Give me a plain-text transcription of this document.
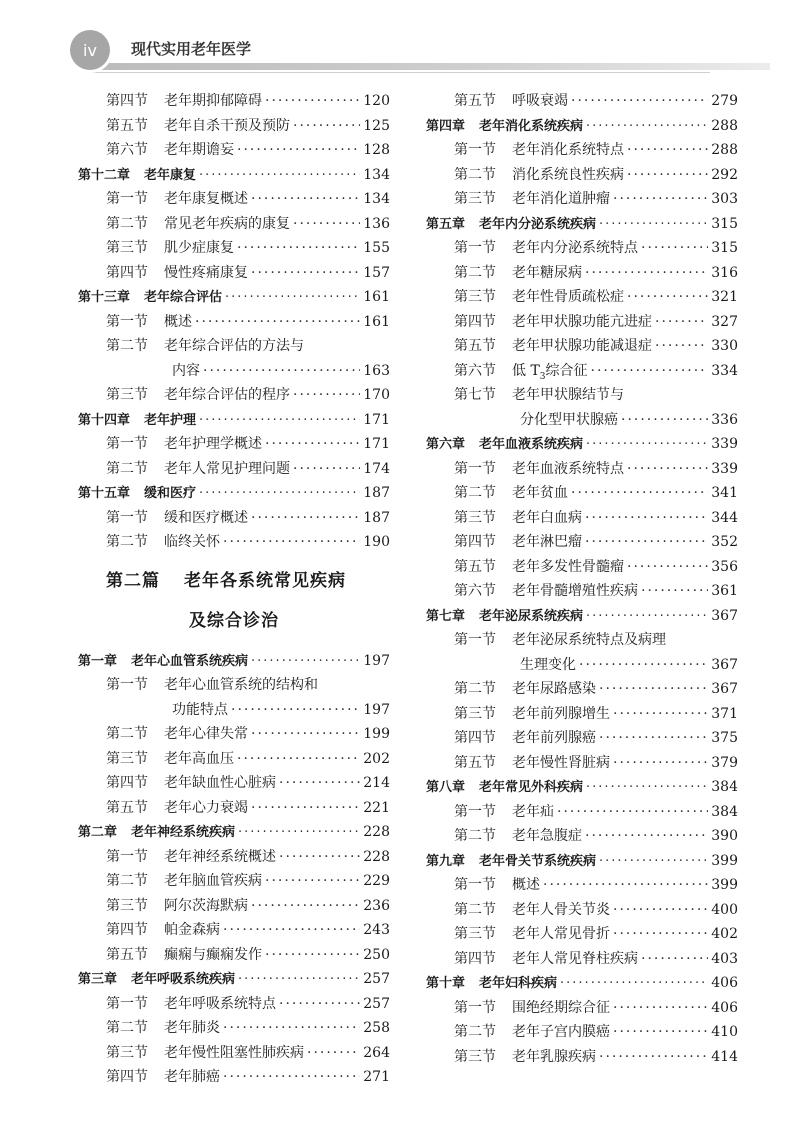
iv	现代实用老年医学
第四节 老年期抑郁障碍 ·····	120
第五节 老年自杀干预及预防 ·····	125
第六节 老年期谵妄 ·····	128
第十二章 老年康复 ·····	134
第一节 老年康复概述 ·····	134
第二节 常见老年疾病的康复 ·····	136
第三节 肌少症康复 ·····	155
第四节 慢性疼痛康复 ·····	157
第十三章 老年综合评估 ·····	161
第一节 概述 ·····	161
第二节 老年综合评估的方法与
内容 ·····	163
第三节 老年综合评估的程序 ·····	170
第十四章 老年护理 ·····	171
第一节 老年护理学概述 ·····	171
第二节 老年人常见护理问题 ·····	174
第十五章 缓和医疗 ·····	187
第一节 缓和医疗概述 ·····	187
第二节 临终关怀 ·····	190
第二篇 老年各系统常见疾病
及综合诊治
第一章 老年心血管系统疾病 ·····	197
第一节 老年心血管系统的结构和
功能特点 ·····	197
第二节 老年心律失常 ·····	199
第三节 老年高血压 ·····	202
第四节 老年缺血性心脏病 ·····	214
第五节 老年心力衰竭 ·····	221
第二章 老年神经系统疾病 ·····	228
第一节 老年神经系统概述 ·····	228
第二节 老年脑血管疾病 ·····	229
第三节 阿尔茨海默病 ·····	236
第四节 帕金森病 ·····	243
第五节 癫痫与癫痫发作 ·····	250
第三章 老年呼吸系统疾病 ·····	257
第一节 老年呼吸系统特点 ·····	257
第二节 老年肺炎 ·····	258
第三节 老年慢性阻塞性肺疾病 ·····	264
第四节 老年肺癌 ·····	271
第五节 呼吸衰竭 ·····	279
第四章 老年消化系统疾病 ·····	288
第一节 老年消化系统特点 ·····	288
第二节 消化系统良性疾病 ·····	292
第三节 老年消化道肿瘤 ·····	303
第五章 老年内分泌系统疾病 ·····	315
第一节 老年内分泌系统特点 ·····	315
第二节 老年糖尿病 ·····	316
第三节 老年性骨质疏松症 ·····	321
第四节 老年甲状腺功能亢进症 ·····	327
第五节 老年甲状腺功能减退症 ·····	330
第六节 低 $T_3$综合征 ·····	334
第七节 老年甲状腺结节与
分化型甲状腺癌 ·····	336
第六章 老年血液系统疾病 ·····	339
第一节 老年血液系统特点 ·····	339
第二节 老年贫血 ·····	341
第三节 老年白血病 ·····	344
第四节 老年淋巴瘤 ·····	352
第五节 老年多发性骨髓瘤 ·····	356
第六节 老年骨髓增殖性疾病 ·····	361
第七章 老年泌尿系统疾病 ·····	367
第一节 老年泌尿系统特点及病理
生理变化 ·····	367
第二节 老年尿路感染 ·····	367
第三节 老年前列腺增生 ·····	371
第四节 老年前列腺癌 ·····	375
第五节 老年慢性肾脏病 ·····	379
第八章 老年常见外科疾病 ·····	384
第一节 老年疝 ·····	384
第二节 老年急腹症 ·····	390
第九章 老年骨关节系统疾病 ·····	399
第一节 概述 ·····	399
第二节 老年人骨关节炎 ·····	400
第三节 老年人常见骨折 ·····	402
第四节 老年人常见脊柱疾病 ·····	403
第十章 老年妇科疾病 ·····	406
第一节 围绝经期综合征 ·····	406
第二节 老年子宫内膜癌 ·····	410
第三节 老年乳腺疾病 ·····	414
